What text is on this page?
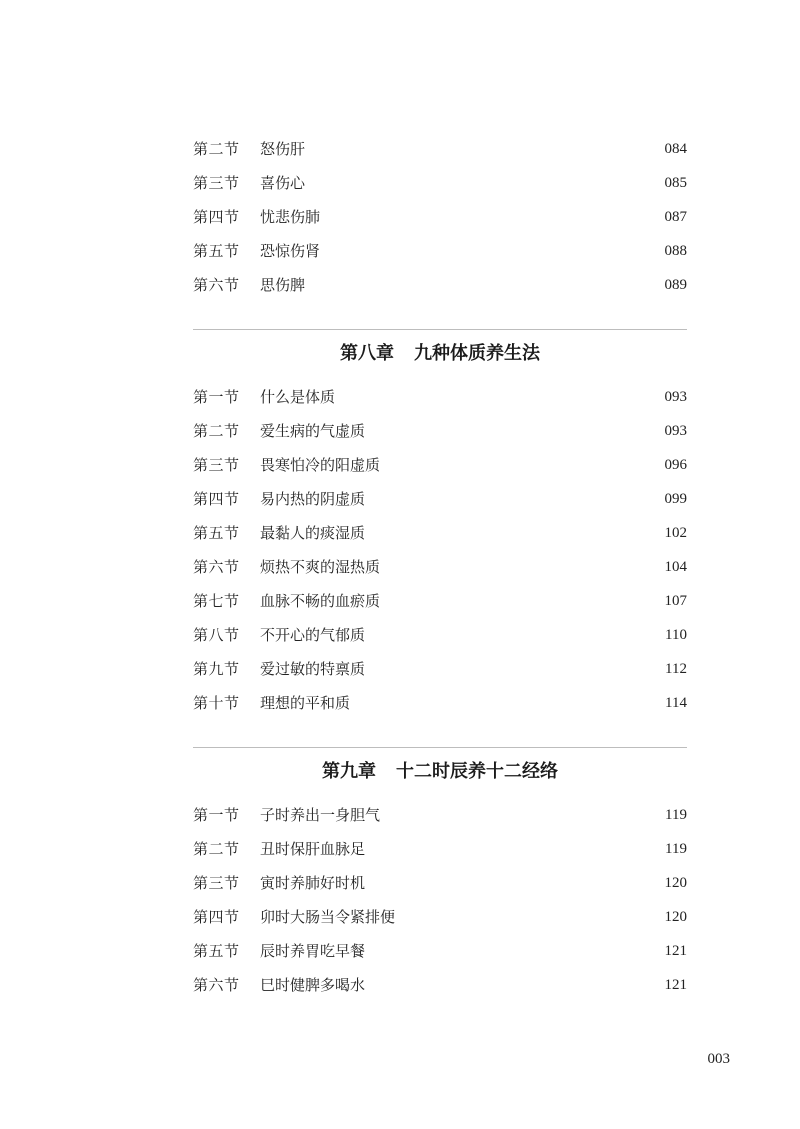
第二节	怒伤肝	084
第三节	喜伤心	085
第四节	忧悲伤肺	087
第五节	恐惊伤肾	088
第六节	思伤脾	089
第八章 九种体质养生法
第一节	什么是体质	093
第二节	爱生病的气虚质	093
第三节	畏寒怕冷的阳虚质	096
第四节	易内热的阴虚质	099
第五节	最黏人的痰湿质	102
第六节	烦热不爽的湿热质	104
第七节	血脉不畅的血瘀质	107
第八节	不开心的气郁质	110
第九节	爱过敏的特禀质	112
第十节	理想的平和质	114
第九章 十二时辰养十二经络
第一节	子时养出一身胆气	119
第二节	丑时保肝血脉足	119
第三节	寅时养肺好时机	120
第四节	卯时大肠当令紧排便	120
第五节	辰时养胃吃早餐	121
第六节	巳时健脾多喝水	121
003
